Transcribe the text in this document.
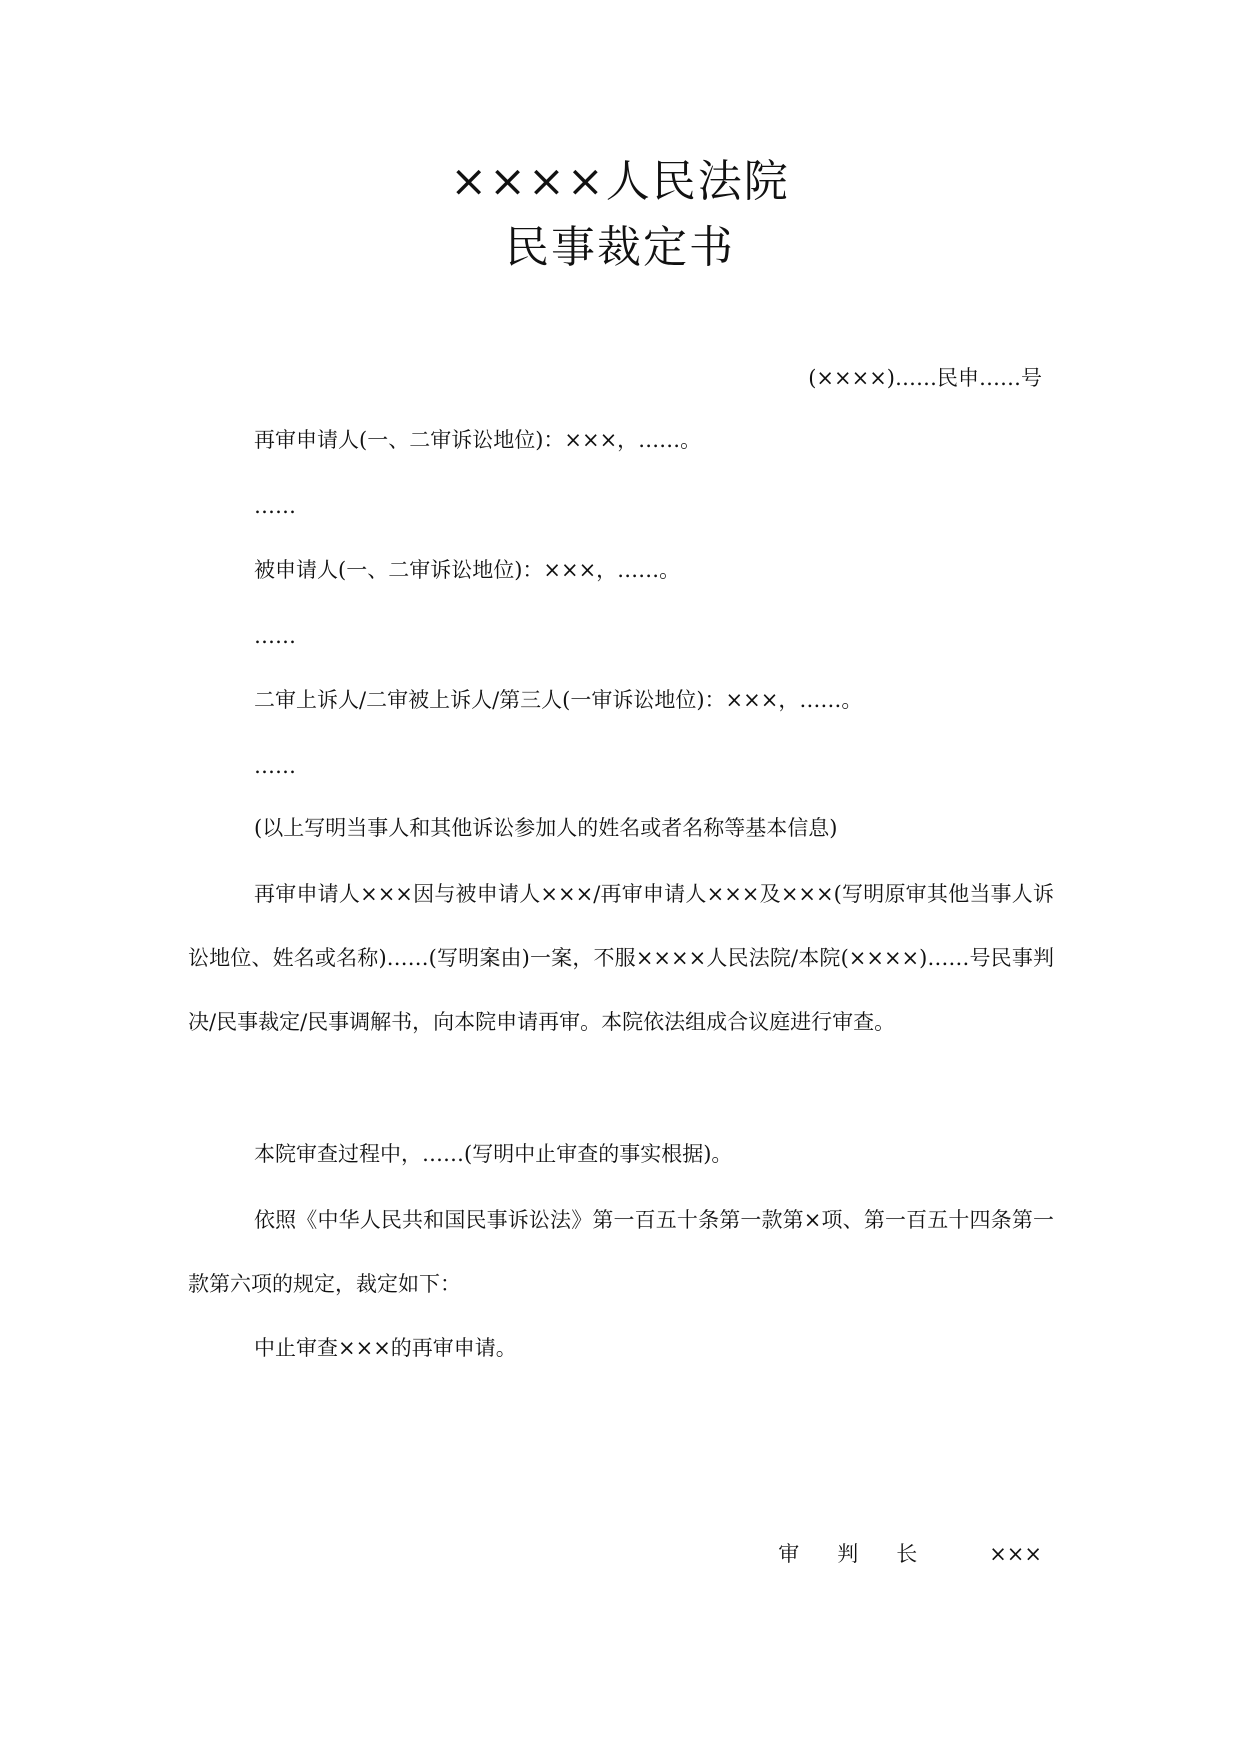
××××人民法院
民事裁定书
(××××)……民申……号
再审申请人(一、二审诉讼地位)：×××，……。
……
被申请人(一、二审诉讼地位)：×××，……。
……
二审上诉人/二审被上诉人/第三人(一审诉讼地位)：×××，……。
……
(以上写明当事人和其他诉讼参加人的姓名或者名称等基本信息)
再审申请人×××因与被申请人×××/再审申请人×××及×××(写明原审其他当事人诉讼地位、姓名或名称)……(写明案由)一案，不服××××人民法院/本院(××××)……号民事判决/民事裁定/民事调解书，向本院申请再审。本院依法组成合议庭进行审查。
本院审查过程中，……(写明中止审查的事实根据)。
依照《中华人民共和国民事诉讼法》第一百五十条第一款第×项、第一百五十四条第一款第六项的规定，裁定如下：
中止审查×××的再审申请。
审判长 ×××
